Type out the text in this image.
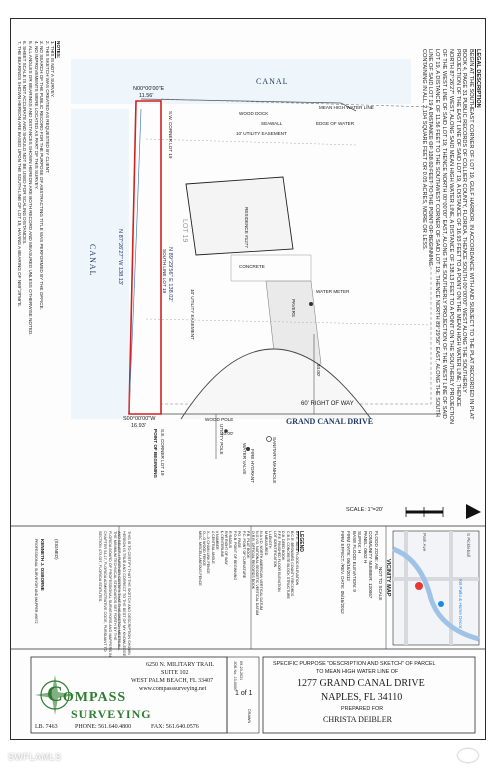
LEGAL DESCRIPTION
BEGIN AT THE SOUTHEAST CORNER OF LOT 19, GULF HARBOR, IN ACCORDANCE WITH AND SUBJECT TO THE PLAT RECORDED IN PLAT
BOOK 4, PAGE 31 PUBLIC RECORDS OF COLLIER COUNTY, FLORIDA. THENCE SOUTH 00°00'00" WEST ALONG THE SOUTHERLY
PROJECTION OF THE EAST LINE OF SAID LOT 19, A DISTANCE OF 16.93 FEET TO A POINT ON THE MEAN HIGH WATER LINE; THENCE
NORTH 87°26'27" WEST, ALONG SAID MEAN HIGH WATER LINE, A DISTANCE OF 138.13 FEET TO A POINT ON THE SOUTHERLY PROJECTION
OF THE WEST LINE OF SAID LOT 19; THENCE NORTH 00°00'00" EAST, ALONG THE SOUTHERLY PROJECTION OF THE WEST LINE OF SAID
LOT 19, A DISTANCE OF 11.56 FEET TO THE SOUTHWEST CORNER OF SAID LOT 19; THENCE NORTH 89°29'56" EAST, ALONG THE SOUTH
LINE OF SAID LOT 19 A DISTANCE OF 138.02 FEET TO THE POINT OF BEGINNING.
CONTAINING IN ALL, 2,104 SQUARE FEET OR 0.05 ACRES, MORE OR LESS.
NOTES:
1. THIS IS NOT A SURVEY.
2. THIS SKETCH WAS CREATED AS REQUESTED BY CLIENT.
3. NO SEARCH OF THE PUBLIC RECORD FOR THE PURPOSE OF ABSTRACTING TITLE WAS PERFORMED BY THE OFFICE.
4. NO IMPROVEMENTS WERE LOCATED AS PART OF THIS SURVEY.
5. ALL ANGLES OR BEARINGS AND DISTANCES SHOWN HEREON ARE BOTH RECORD AND MEASURED UNLESS OTHERWISE NOTED.
6. SHEET SCALE IS NOT ACCURATE AND SHOULD NOT BE USED FOR SCALING DISTANCES.
7. THE BEARINGS SHOWN HEREON ARE BASED UPON THE SOUTH LINE OF LOT 19, HAVING A BEARING OF N89°29'56"E.	CANAL
CANAL
GRAND CANAL DRIVE
60' RIGHT OF WAY
N00°00'00"E
11.56'
S00°00'00"W
16.93'
N 87°26'27" W 138.13'	N 89°29'56" E 138.02'
SOUTH LINE LOT 19
S.W. CORNER LOT 19
S.E. CORNER LOT 19
POINT OF BEGINNING
RESIDENCE #1277
WOOD DOCK
SEAWALL
10' UTILITY EASEMENT
10' UTILITY EASEMENT
MEAN HIGH WATER LINE
EDGE OF WATER
CONCRETE
PAVERS
WATER METER
WOOD POLE
SANITARY MANHOLE
FIRE HYDRANT
WATER VALVE
UTILITY POLE
40.00'
40.00'
LOT 19
SCALE: 1"=20'
FLOOD ZONE: AE
COMMUNITY NUMBER: 120067
PANEL: 0602 H
SUFFIX: H
BASE FLOOD ELEVATION: 9
FIRM DATE: 05/16/2012
FIRM EFFECT. /REV. DATE: 05/16/2012
LEGEND
B.F.E. BASE FLOOD ELEVATION
B.C.R. BROWARD COUNTY RECORDS
C.B.S. CONCRETE BLOCK STRUCTURE
D.B. DEED BOOK
F.F.E. FINISHED FLOOR ELEVATION
LOT IDENTIFICATION
L LENGTH
M MEASURED
N.A.V.D. NORTH AMERICAN VERTICAL DATUM
N.G.V.D. NATIONAL GEODETIC VERTICAL DATUM
O.R.B. OFFICIAL RECORDS BOOK
P.B. PLAT BOOK
P.C. POINT OF CURVATURE
PG. PAGE
P.O.B. POINT OF BEGINNING
R RADIUS
R/W RIGHT OF WAY
℄ CENTERLINE
# NUMBER
Δ CENTRAL ANGLE
X---X CHAIN LINK FENCE
O---O WOOD FENCE
MISC. MISCELLANEOUS FENCE	VICINITY MAP
NOT TO SCALE
Park Ave	S Pickleball
KB Patio & Home Decor
THIS IS TO CERTIFY THAT THE SKETCH AND DESCRIPTION SHOWN
HEREON IS TRUE AND CORRECT TO THE BEST OF MY KNOWLEDGE
AND BELIEF. I FURTHER CERTIFY THAT THIS SKETCH MEETS ALL
THE MINIMUM TECHNICAL STANDARDS SET FORTH BY THE
FLORIDA BOARD OF PROFESSIONAL SURVEYORS AND MAPPERS IN
CHAPTER 5J-17, FLORIDA ADMINISTRATIVE CODE, PURSUANT TO
SECTION 472.027, FLORIDA STATUTES.
(SIGNED)
KENNETH J. OSBORNE
PROFESSIONAL SURVEYOR AND MAPPER #6672
COMPASS
SURVEYING
6250 N. MILITARY TRAIL
SUITE 102
WEST PALM BEACH, FL 33407
www.compasssurveying.net
LB. 7463	PHONE: 561.640.4800	FAX: 561.640.0576
JOB No. 13-0000 09-23-2021
1 of 1
DRAWN
SPECIFIC PURPOSE "DESCRIPTION AND SKETCH" OF PARCEL
TO MEAN HIGH WATER LINE OF
1277 GRAND CANAL DRIVE
NAPLES, FL 34110
PREPARED FOR
CHRISTA DEIBLER
SWFLAMLS
